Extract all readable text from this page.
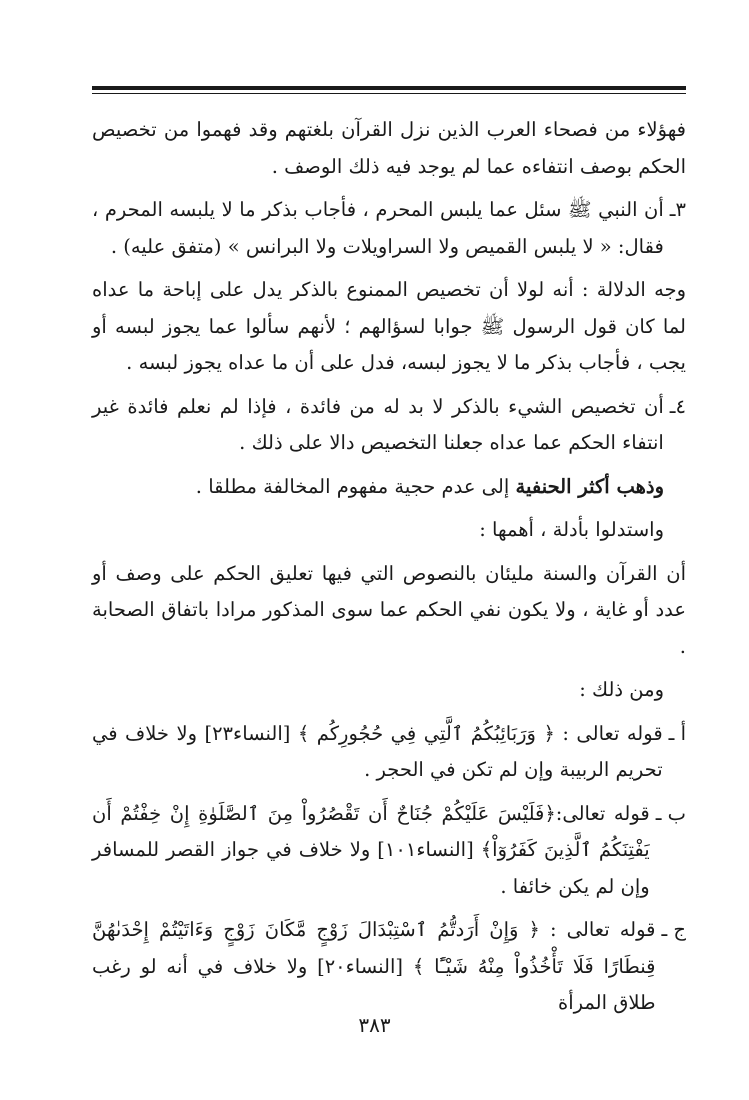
فهؤلاء من فصحاء العرب الذين نزل القرآن بلغتهم وقد فهموا من تخصيص الحكم بوصف انتفاءه عما لم يوجد فيه ذلك الوصف .

٣ـ
أن النبي ﷺ سئل عما يلبس المحرم ، فأجاب بذكر ما لا يلبسه المحرم ، فقال: « لا يلبس القميص ولا السراويلات ولا البرانس » (متفق عليه) .

وجه الدلالة : أنه لولا أن تخصيص الممنوع بالذكر يدل على إباحة ما عداه لما كان قول الرسول ﷺ جوابا لسؤالهم ؛ لأنهم سألوا عما يجوز لبسه أو يجب ، فأجاب بذكر ما لا يجوز لبسه، فدل على أن ما عداه يجوز لبسه .

٤ـ
أن تخصيص الشيء بالذكر لا بد له من فائدة ، فإذا لم نعلم فائدة غير انتفاء الحكم عما عداه جعلنا التخصيص دالا على ذلك .

وذهب أكثر الحنفية إلى عدم حجية مفهوم المخالفة مطلقا .

واستدلوا بأدلة ، أهمها :

أن القرآن والسنة مليئان بالنصوص التي فيها تعليق الحكم على وصف أو عدد أو غاية ، ولا يكون نفي الحكم عما سوى المذكور مرادا باتفاق الصحابة .

ومن ذلك :

أ ـ
قوله تعالى : ﴿ وَرَبَائِبُكُمُ ٱلَّتِي فِي حُجُورِكُم ﴾ [النساء٢٣] ولا خلاف في تحريم الربيبة وإن لم تكن في الحجر .
ب ـ
قوله تعالى:﴿فَلَيْسَ عَلَيْكُمْ جُنَاحٌ أَن تَقْصُرُواْ مِنَ ٱلصَّلَوٰةِ إِنْ خِفْتُمْ أَن يَفْتِنَكُمُ ٱلَّذِينَ كَفَرُوٓاْ﴾ [النساء١٠١] ولا خلاف في جواز القصر للمسافر وإن لم يكن خائفا .
ج ـ
قوله تعالى : ﴿ وَإِنْ أَرَدتُّمُ ٱسْتِبْدَالَ زَوْجٍ مَّكَانَ زَوْجٍ وَءَاتَيْتُمْ إِحْدَىٰهُنَّ قِنطَارًا فَلَا تَأْخُذُواْ مِنْهُ شَيْـًٔا ﴾ [النساء٢٠] ولا خلاف في أنه لو رغب طلاق المرأة
٣٨٣
